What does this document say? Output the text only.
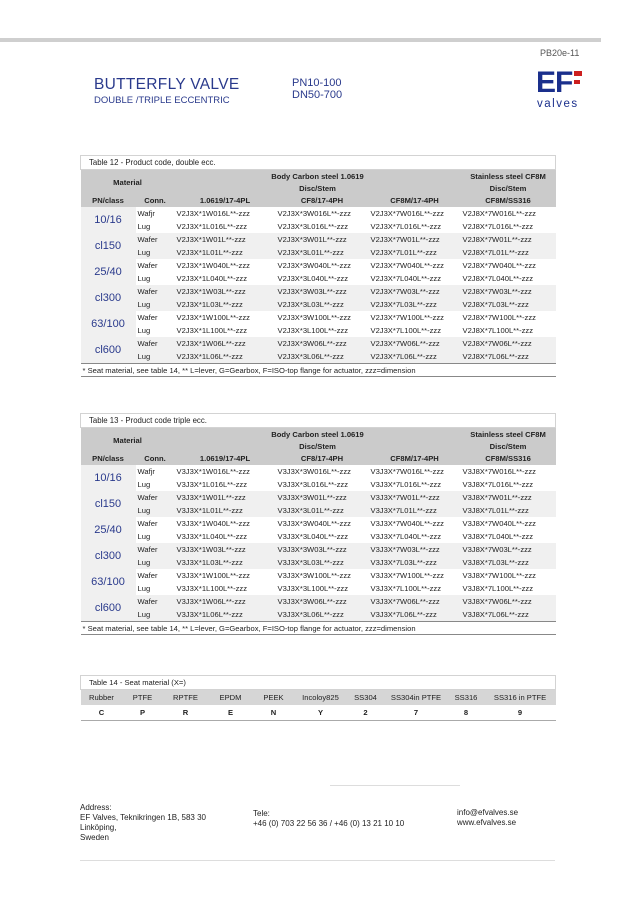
PB20e-11
BUTTERFLY VALVE
DOUBLE /TRIPLE ECCENTRIC
PN10-100
DN50-700	EF
valves
Table 12 - Product code, double ecc.					
Material		Body Carbon steel 1.0619			Stainless steel CF8M
		Disc/Stem			Disc/Stem
PN/class	Conn.	1.0619/17-4PL	CF8/17-4PH	CF8M/17-4PH	CF8M/SS316
10/16	Wafjr	V2J3X*1W016L**-zzz	V2J3X*3W016L**-zzz	V2J3X*7W016L**-zzz	V2J8X*7W016L**-zzz
	Lug	V2J3X*1L016L**-zzz	V2J3X*3L016L**-zzz	V2J3X*7L016L**-zzz	V2J8X*7L016L**-zzz
cl150	Wafer	V2J3X*1W01L**-zzz	V2J3X*3W01L**-zzz	V2J3X*7W01L**-zzz	V2J8X*7W01L**-zzz
	Lug	V2J3X*1L01L**-zzz	V2J3X*3L01L**-zzz	V2J3X*7L01L**-zzz	V2J8X*7L01L**-zzz
25/40	Wafer	V2J3X*1W040L**-zzz	V2J3X*3W040L**-zzz	V2J3X*7W040L**-zzz	V2J8X*7W040L**-zzz
	Lug	V2J3X*1L040L**-zzz	V2J3X*3L040L**-zzz	V2J3X*7L040L**-zzz	V2J8X*7L040L**-zzz
cl300	Wafer	V2J3X*1W03L**-zzz	V2J3X*3W03L**-zzz	V2J3X*7W03L**-zzz	V2J8X*7W03L**-zzz
	Lug	V2J3X*1L03L**-zzz	V2J3X*3L03L**-zzz	V2J3X*7L03L**-zzz	V2J8X*7L03L**-zzz
63/100	Wafer	V2J3X*1W100L**-zzz	V2J3X*3W100L**-zzz	V2J3X*7W100L**-zzz	V2J8X*7W100L**-zzz
	Lug	V2J3X*1L100L**-zzz	V2J3X*3L100L**-zzz	V2J3X*7L100L**-zzz	V2J8X*7L100L**-zzz
cl600	Wafer	V2J3X*1W06L**-zzz	V2J3X*3W06L**-zzz	V2J3X*7W06L**-zzz	V2J8X*7W06L**-zzz
	Lug	V2J3X*1L06L**-zzz	V2J3X*3L06L**-zzz	V2J3X*7L06L**-zzz	V2J8X*7L06L**-zzz
* Seat material, see table 14, ** L=lever, G=Gearbox, F=ISO-top flange for actuator, zzz=dimension					
Table 13 - Product code triple ecc.					
Material		Body Carbon steel 1.0619			Stainless steel CF8M
		Disc/Stem			Disc/Stem
PN/class	Conn.	1.0619/17-4PL	CF8/17-4PH	CF8M/17-4PH	CF8M/SS316
10/16	Wafjr	V3J3X*1W016L**-zzz	V3J3X*3W016L**-zzz	V3J3X*7W016L**-zzz	V3J8X*7W016L**-zzz
	Lug	V3J3X*1L016L**-zzz	V3J3X*3L016L**-zzz	V3J3X*7L016L**-zzz	V3J8X*7L016L**-zzz
cl150	Wafer	V3J3X*1W01L**-zzz	V3J3X*3W01L**-zzz	V3J3X*7W01L**-zzz	V3J8X*7W01L**-zzz
	Lug	V3J3X*1L01L**-zzz	V3J3X*3L01L**-zzz	V3J3X*7L01L**-zzz	V3J8X*7L01L**-zzz
25/40	Wafer	V3J3X*1W040L**-zzz	V3J3X*3W040L**-zzz	V3J3X*7W040L**-zzz	V3J8X*7W040L**-zzz
	Lug	V3J3X*1L040L**-zzz	V3J3X*3L040L**-zzz	V3J3X*7L040L**-zzz	V3J8X*7L040L**-zzz
cl300	Wafer	V3J3X*1W03L**-zzz	V3J3X*3W03L**-zzz	V3J3X*7W03L**-zzz	V3J8X*7W03L**-zzz
	Lug	V3J3X*1L03L**-zzz	V3J3X*3L03L**-zzz	V3J3X*7L03L**-zzz	V3J8X*7L03L**-zzz
63/100	Wafer	V3J3X*1W100L**-zzz	V3J3X*3W100L**-zzz	V3J3X*7W100L**-zzz	V3J8X*7W100L**-zzz
	Lug	V3J3X*1L100L**-zzz	V3J3X*3L100L**-zzz	V3J3X*7L100L**-zzz	V3J8X*7L100L**-zzz
cl600	Wafer	V3J3X*1W06L**-zzz	V3J3X*3W06L**-zzz	V3J3X*7W06L**-zzz	V3J8X*7W06L**-zzz
	Lug	V3J3X*1L06L**-zzz	V3J3X*3L06L**-zzz	V3J3X*7L06L**-zzz	V3J8X*7L06L**-zzz
* Seat material, see table 14, ** L=lever, G=Gearbox, F=ISO-top flange for actuator, zzz=dimension					
Table 14 - Seat material (X=)									
Rubber	PTFE	RPTFE	EPDM	PEEK	Incoloy825	SS304	SS304in PTFE	SS316	SS316 in PTFE
C	P	R	E	N	Y	2	7	8	9
Address:
EF Valves, Teknikringen 1B, 583 30
Linköping,
Sweden
Tele:
+46 (0) 703 22 56 36 / +46 (0) 13 21 10 10
info@efvalves.se
www.efvalves.se
